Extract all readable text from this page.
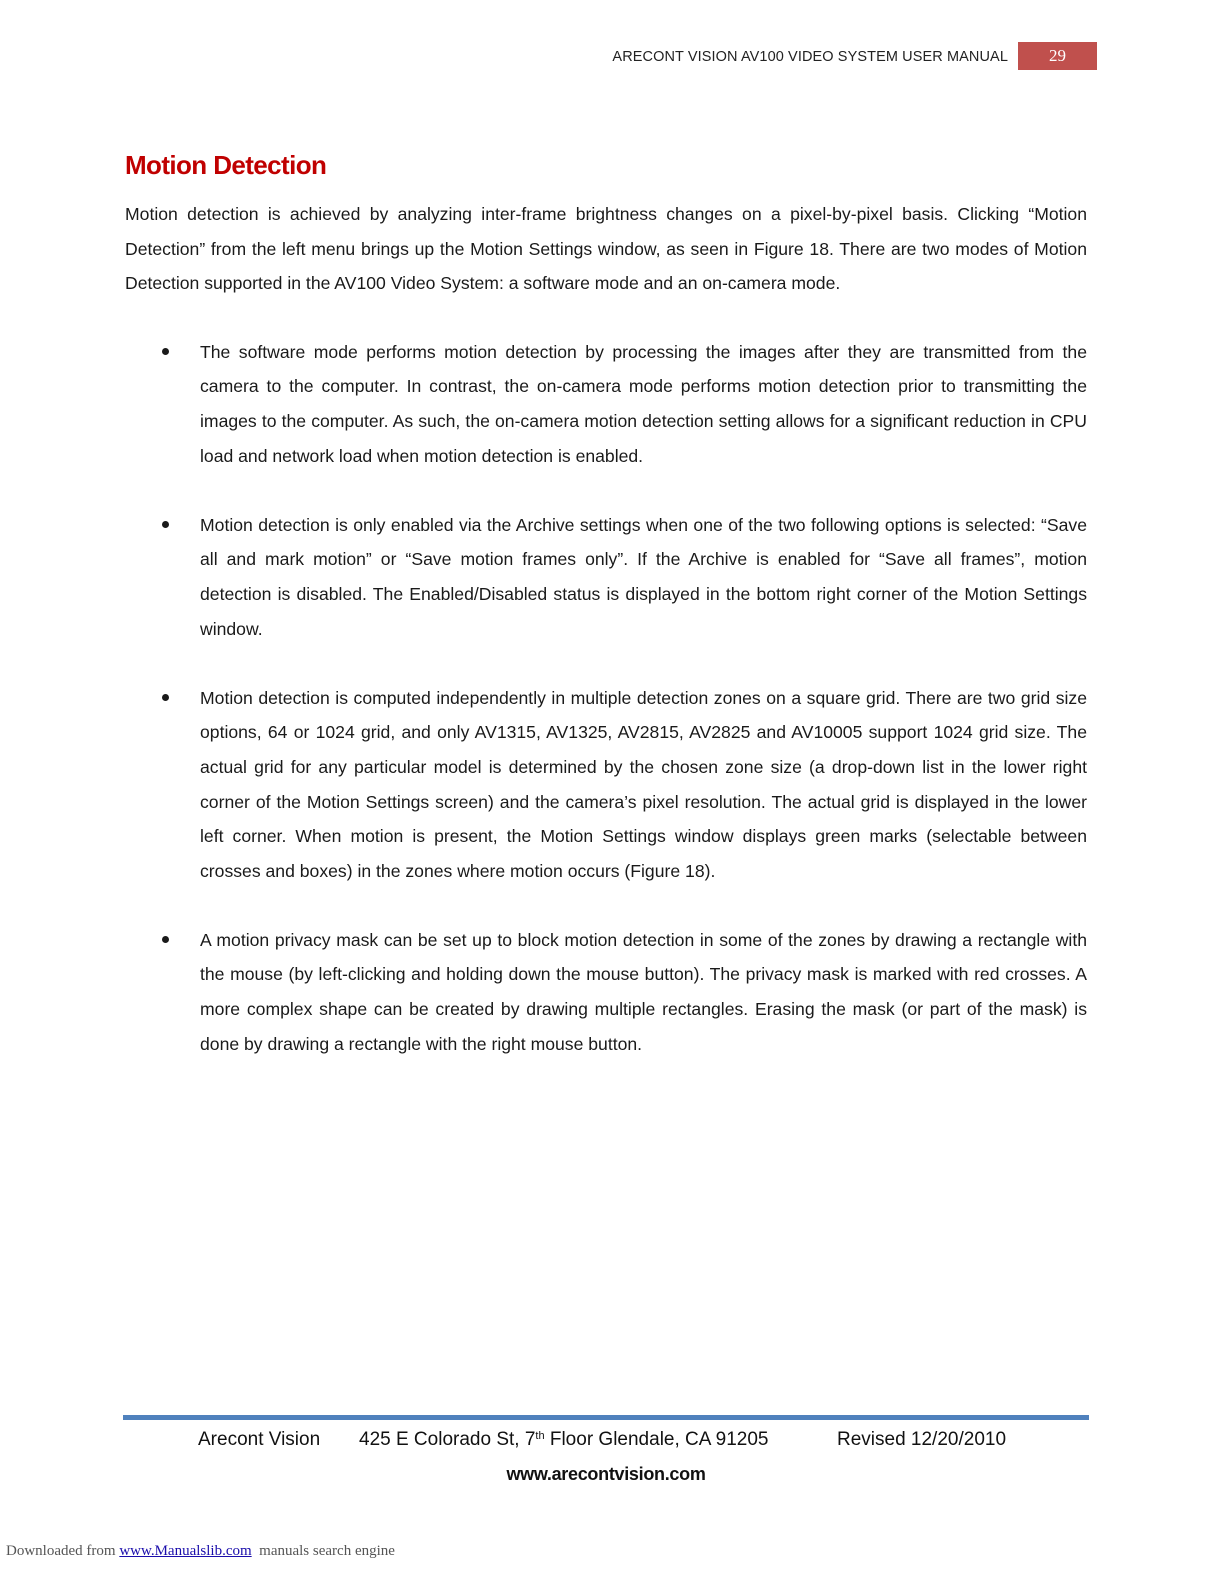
ARECONT VISION AV100 VIDEO SYSTEM USER MANUAL	29
Motion Detection

Motion detection is achieved by analyzing inter-frame brightness changes on a pixel-by-pixel basis. Clicking “Motion Detection” from the left menu brings up the Motion Settings window, as seen in Figure 18. There are two modes of Motion Detection supported in the AV100 Video System: a software mode and an on-camera mode.

The software mode performs motion detection by processing the images after they are transmitted from the camera to the computer. In contrast, the on-camera mode performs motion detection prior to transmitting the images to the computer. As such, the on-camera motion detection setting allows for a significant reduction in CPU load and network load when motion detection is enabled.
Motion detection is only enabled via the Archive settings when one of the two following options is selected: “Save all and mark motion” or “Save motion frames only”. If the Archive is enabled for “Save all frames”, motion detection is disabled. The Enabled/Disabled status is displayed in the bottom right corner of the Motion Settings window.
Motion detection is computed independently in multiple detection zones on a square grid. There are two grid size options, 64 or 1024 grid, and only AV1315, AV1325, AV2815, AV2825 and AV10005 support 1024 grid size. The actual grid for any particular model is determined by the chosen zone size (a drop-down list in the lower right corner of the Motion Settings screen) and the camera’s pixel resolution. The actual grid is displayed in the lower left corner. When motion is present, the Motion Settings window displays green marks (selectable between crosses and boxes) in the zones where motion occurs (Figure 18).
A motion privacy mask can be set up to block motion detection in some of the zones by drawing a rectangle with the mouse (by left-clicking and holding down the mouse button). The privacy mask is marked with red crosses. A more complex shape can be created by drawing multiple rectangles. Erasing the mask (or part of the mask) is done by drawing a rectangle with the right mouse button.
Arecont Vision 425 E Colorado St, 7th Floor Glendale, CA 91205	Revised 12/20/2010
www.arecontvision.com
Downloaded from www.Manualslib.com  manuals search engine
